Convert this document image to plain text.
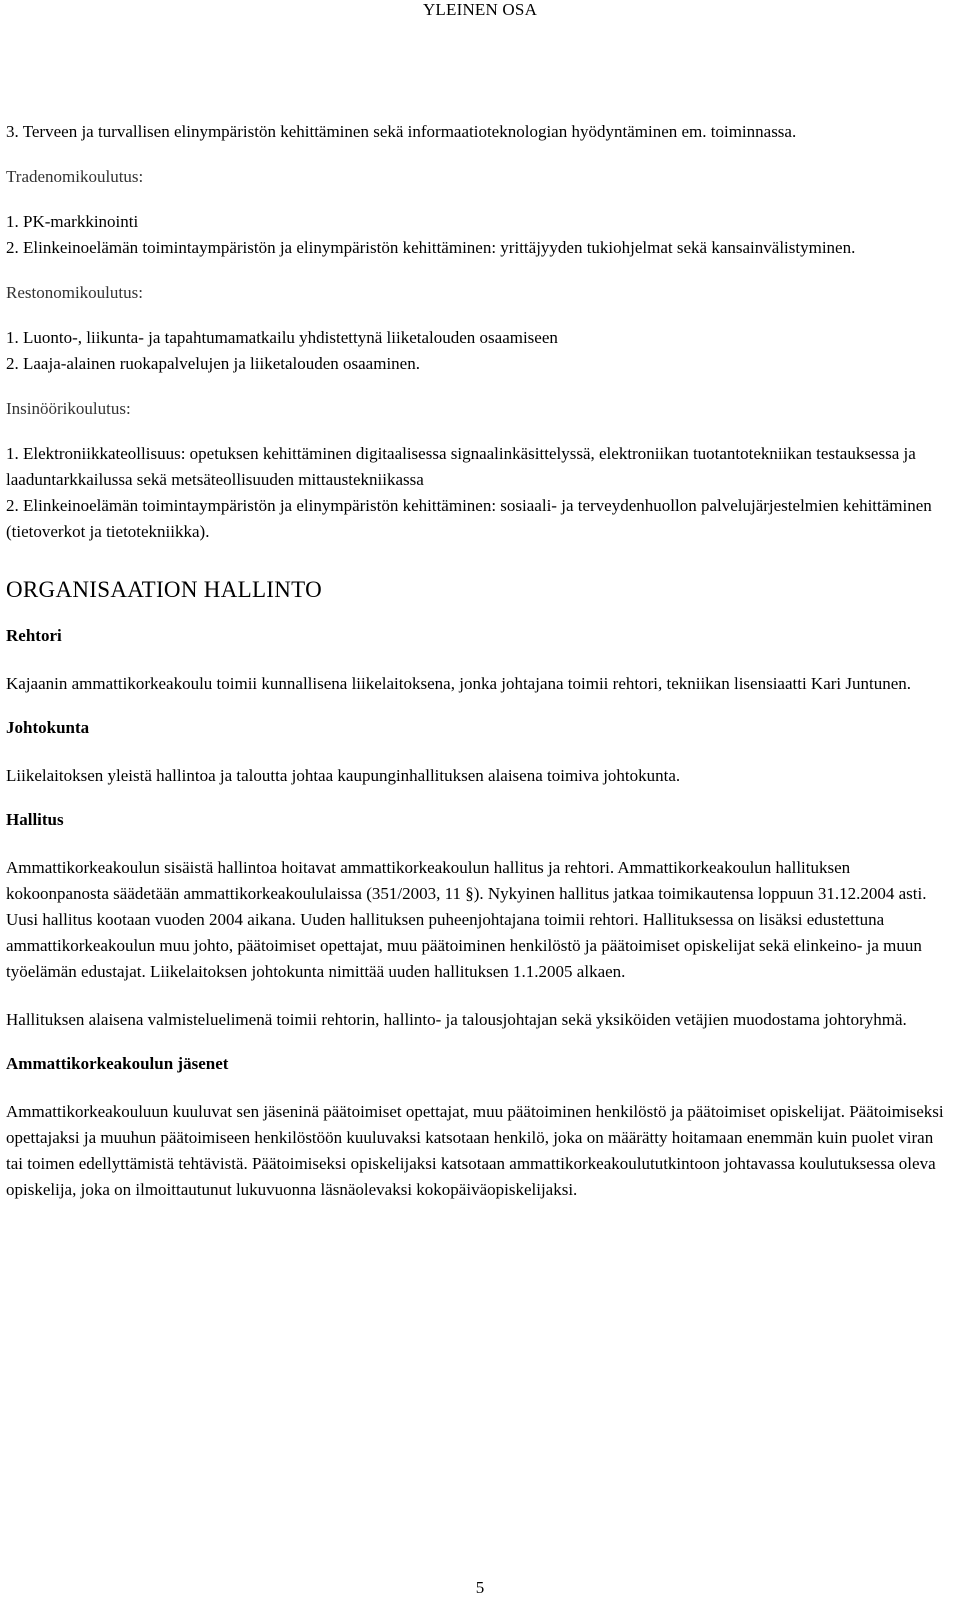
YLEINEN OSA

3. Terveen ja turvallisen elinympäristön kehittäminen sekä informaatioteknologian hyödyntäminen em. toiminnassa.

Tradenomikoulutus:

1. PK-markkinointi

2. Elinkeinoelämän toimintaympäristön ja elinympäristön kehittäminen: yrittäjyyden tukiohjelmat sekä kansainvälistyminen.

Restonomikoulutus:

1. Luonto-, liikunta- ja tapahtumamatkailu yhdistettynä liiketalouden osaamiseen

2. Laaja-alainen ruokapalvelujen ja liiketalouden osaaminen.

Insinöörikoulutus:

1. Elektroniikkateollisuus: opetuksen kehittäminen digitaalisessa signaalinkäsittelyssä, elektroniikan tuotantotekniikan testauksessa ja laaduntarkkailussa sekä metsäteollisuuden mittaustekniikassa

2. Elinkeinoelämän toimintaympäristön ja elinympäristön kehittäminen: sosiaali- ja terveydenhuollon palvelujärjestelmien kehittäminen (tietoverkot ja tietotekniikka).

ORGANISAATION HALLINTO
Rehtori

Kajaanin ammattikorkeakoulu toimii kunnallisena liikelaitoksena, jonka johtajana toimii rehtori, tekniikan lisensiaatti Kari Juntunen.

Johtokunta

Liikelaitoksen yleistä hallintoa ja taloutta johtaa kaupunginhallituksen alaisena toimiva johtokunta.

Hallitus

Ammattikorkeakoulun sisäistä hallintoa hoitavat ammattikorkeakoulun hallitus ja rehtori. Ammattikorkeakoulun hallituksen kokoonpanosta säädetään ammattikorkeakoululaissa (351/2003, 11 §). Nykyinen hallitus jatkaa toimikautensa loppuun 31.12.2004 asti. Uusi hallitus kootaan vuoden 2004 aikana. Uuden hallituksen puheenjohtajana toimii rehtori. Hallituksessa on lisäksi edustettuna ammattikorkeakoulun muu johto, päätoimiset opettajat, muu päätoiminen henkilöstö ja päätoimiset opiskelijat sekä elinkeino- ja muun työelämän edustajat. Liikelaitoksen johtokunta nimittää uuden hallituksen 1.1.2005 alkaen.

Hallituksen alaisena valmisteluelimenä toimii rehtorin, hallinto- ja talousjohtajan sekä yksiköiden vetäjien muodostama johtoryhmä.

Ammattikorkeakoulun jäsenet

Ammattikorkeakouluun kuuluvat sen jäseninä päätoimiset opettajat, muu päätoiminen henkilöstö ja päätoimiset opiskelijat. Päätoimiseksi opettajaksi ja muuhun päätoimiseen henkilöstöön kuuluvaksi katsotaan henkilö, joka on määrätty hoitamaan enemmän kuin puolet viran tai toimen edellyttämistä tehtävistä. Päätoimiseksi opiskelijaksi katsotaan ammattikorkeakoulututkintoon johtavassa koulutuksessa oleva opiskelija, joka on ilmoittautunut lukuvuonna läsnäolevaksi kokopäiväopiskelijaksi.

5
